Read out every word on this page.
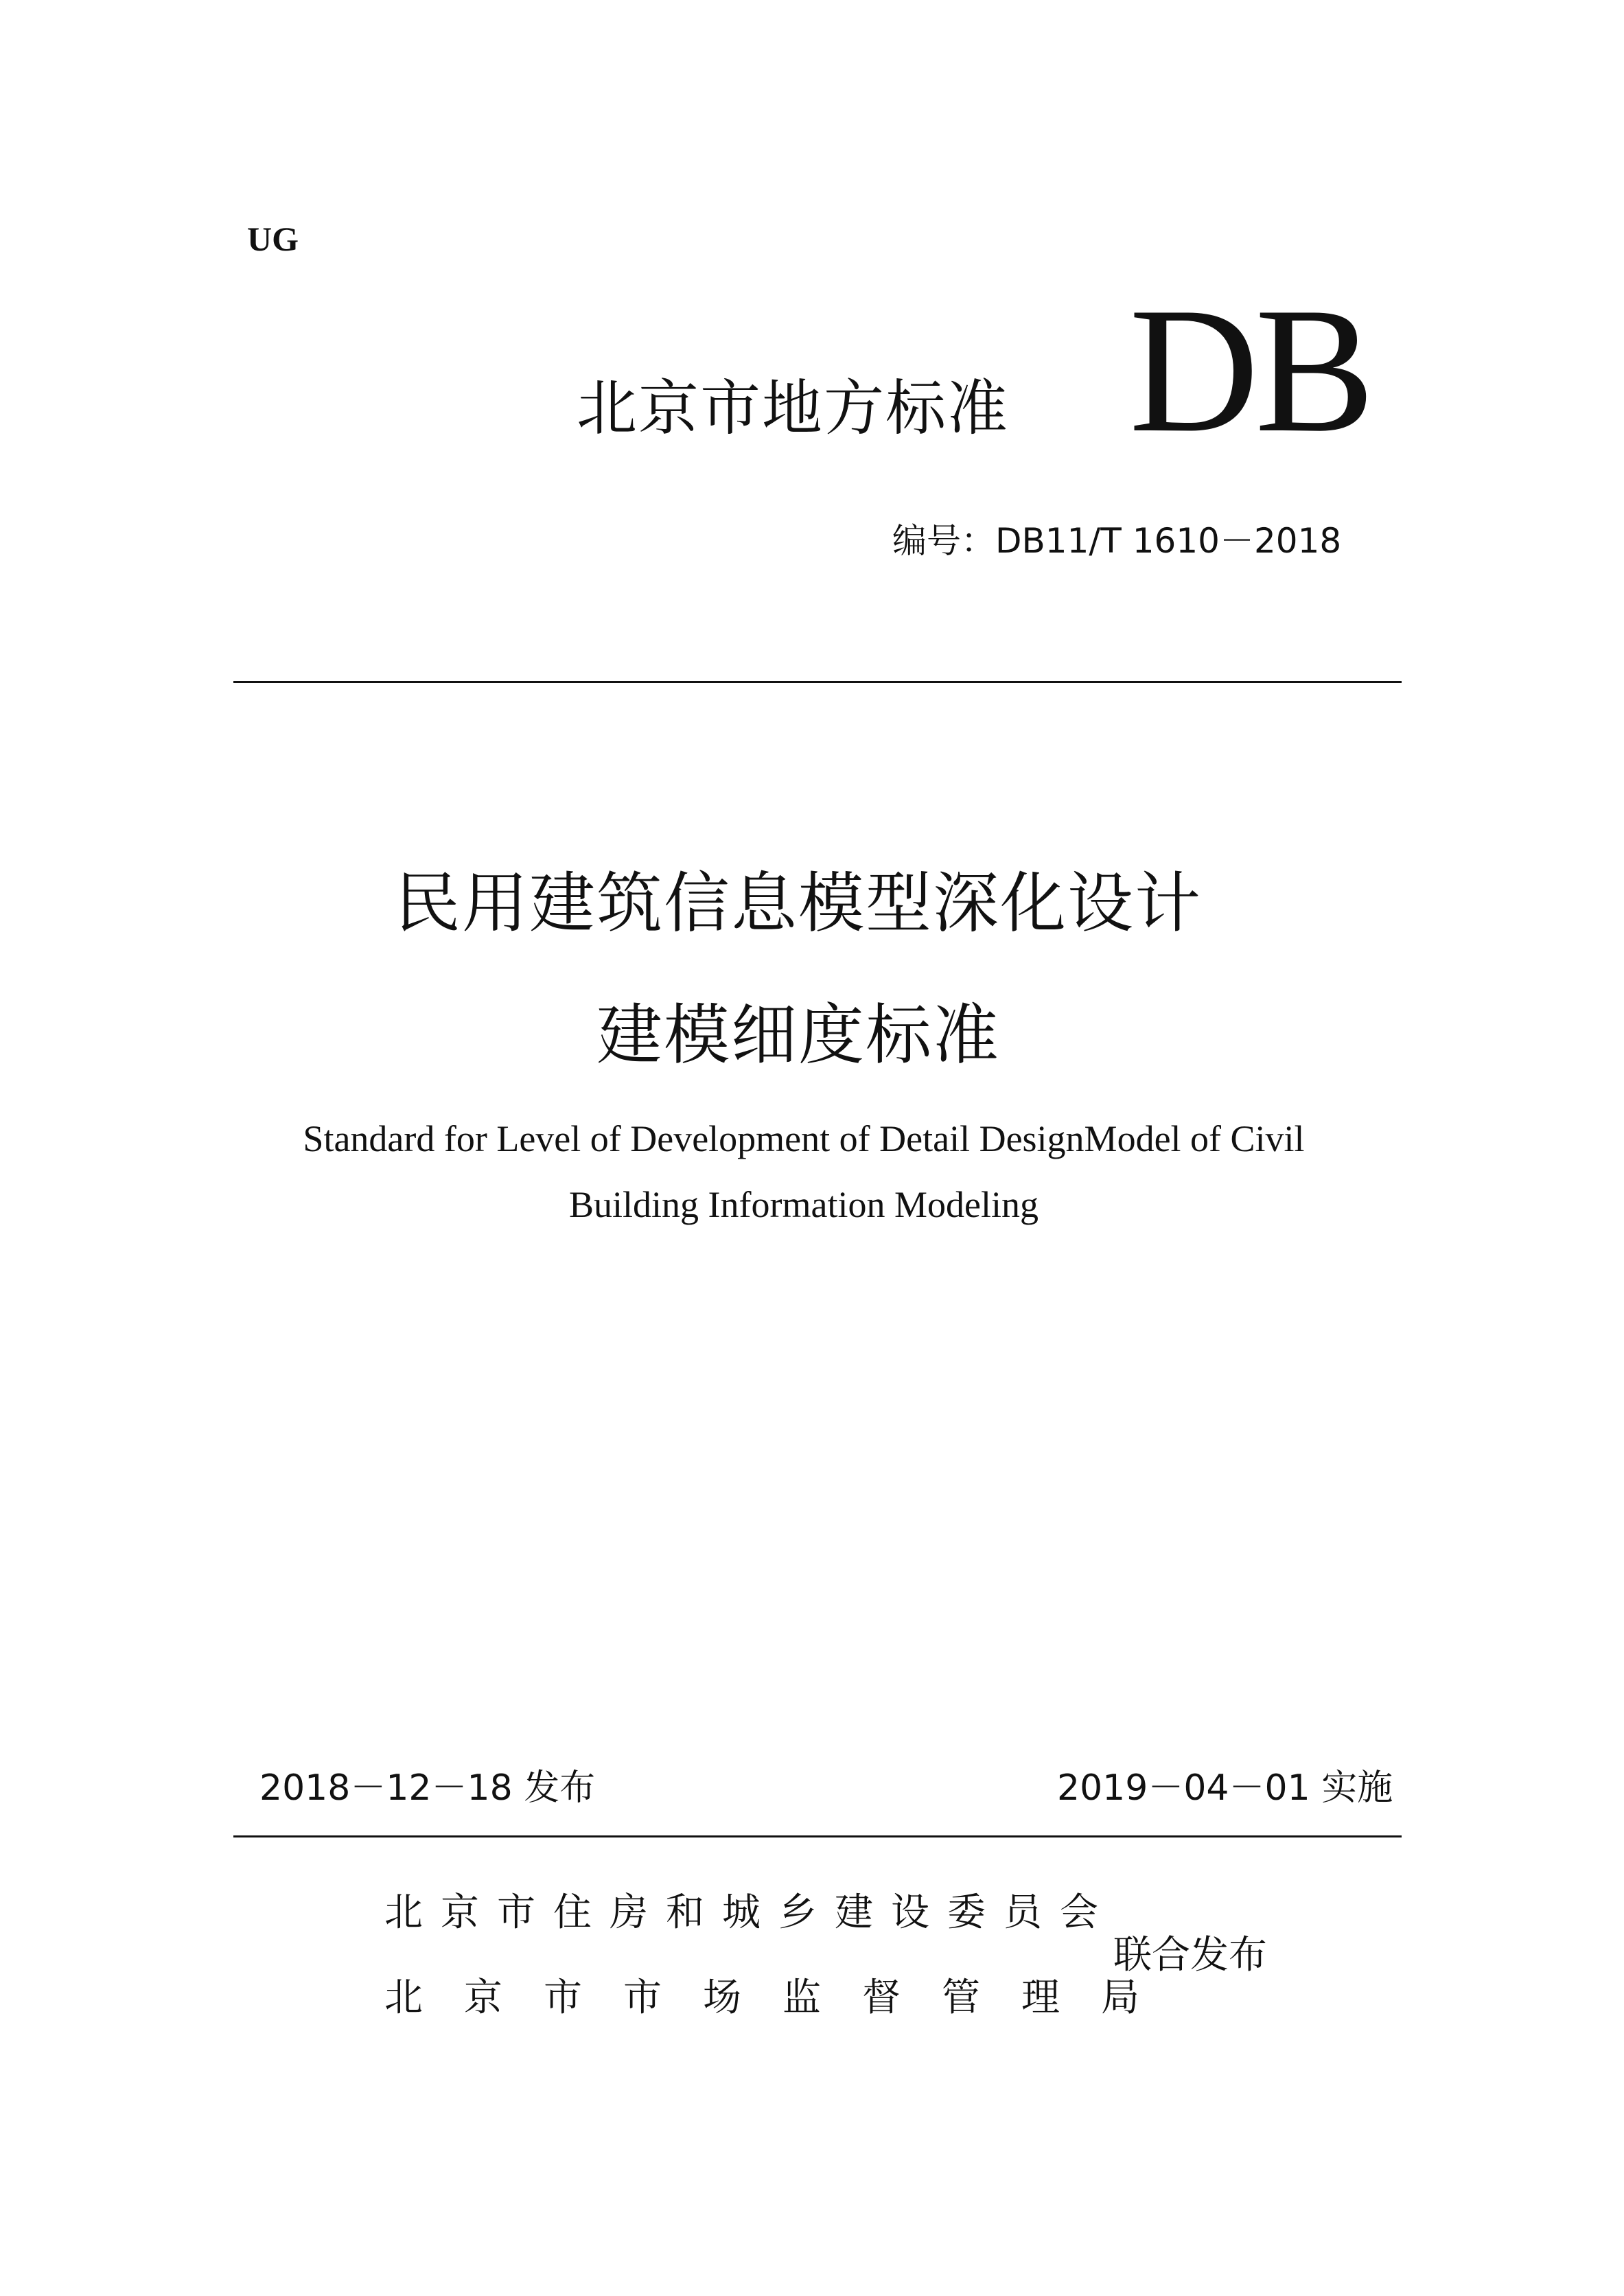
UG
北京市地方标准 DB
编号：DB11/T 1610－2018
民用建筑信息模型深化设计
建模细度标准
Standard for Level of Development of Detail DesignModel of Civil
Building Information Modeling
2018－12－18 发布	2019－04－01 实施
北京市住房和城乡建设委员会
北京市市场监督管理局
联合发布
